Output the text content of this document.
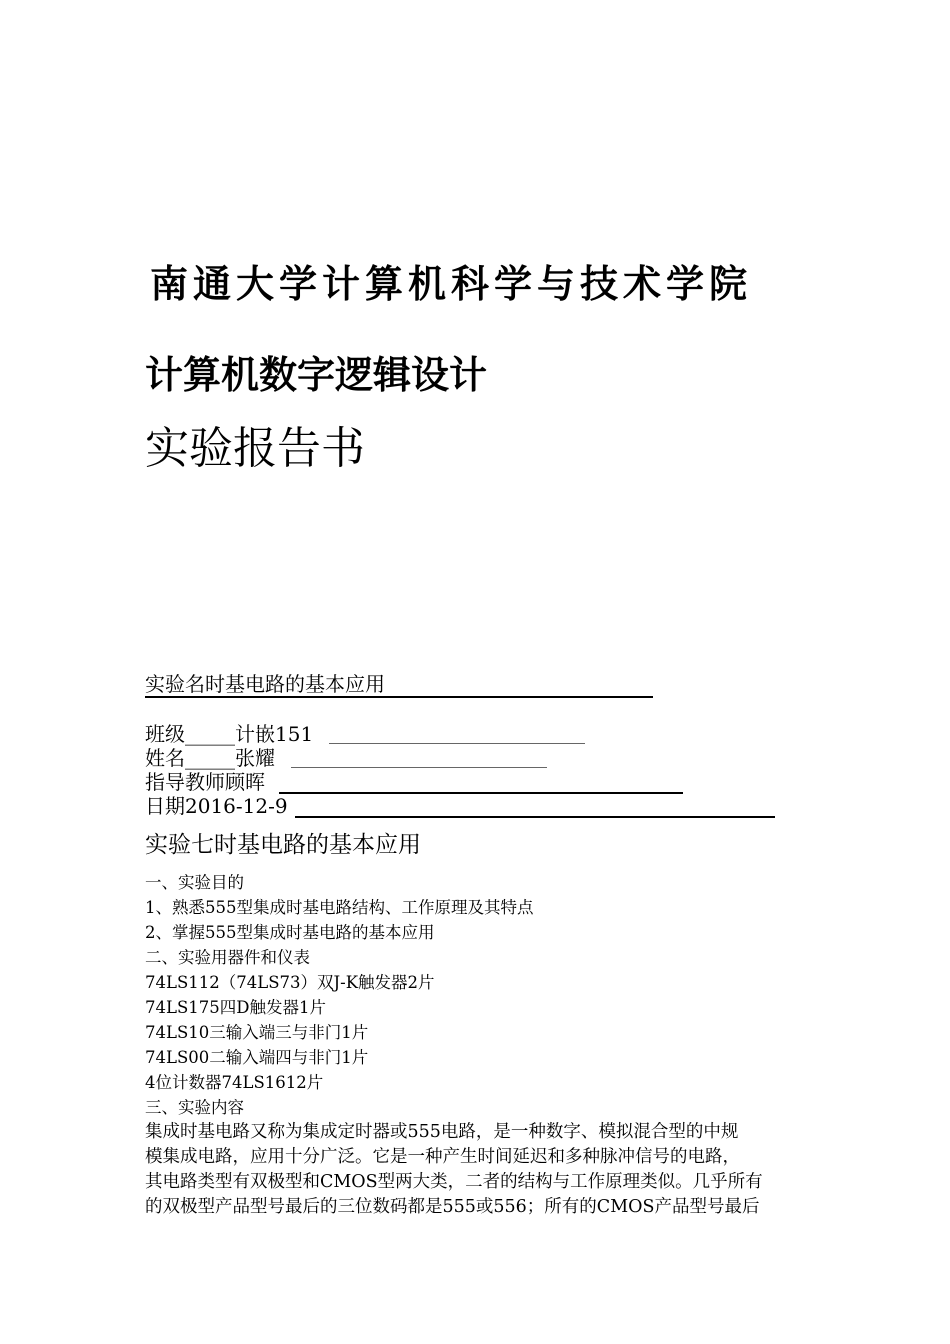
南通大学计算机科学与技术学院
计算机数字逻辑设计
实验报告书
实验名时基电路的基本应用
班级_____计嵌151
姓名_____张耀
指导教师顾晖
日期2016-12-9
实验七时基电路的基本应用
一、实验目的
1、熟悉555型集成时基电路结构、工作原理及其特点
2、掌握555型集成时基电路的基本应用
二、实验用器件和仪表
74LS112（74LS73）双J-K触发器2片
74LS175四D触发器1片
74LS10三输入端三与非门1片
74LS00二输入端四与非门1片
4位计数器74LS1612片
三、实验内容
集成时基电路又称为集成定时器或555电路，是一种数字、模拟混合型的中规
模集成电路，应用十分广泛。它是一种产生时间延迟和多种脉冲信号的电路，
其电路类型有双极型和CMOS型两大类，二者的结构与工作原理类似。几乎所有
的双极型产品型号最后的三位数码都是555或556；所有的CMOS产品型号最后
